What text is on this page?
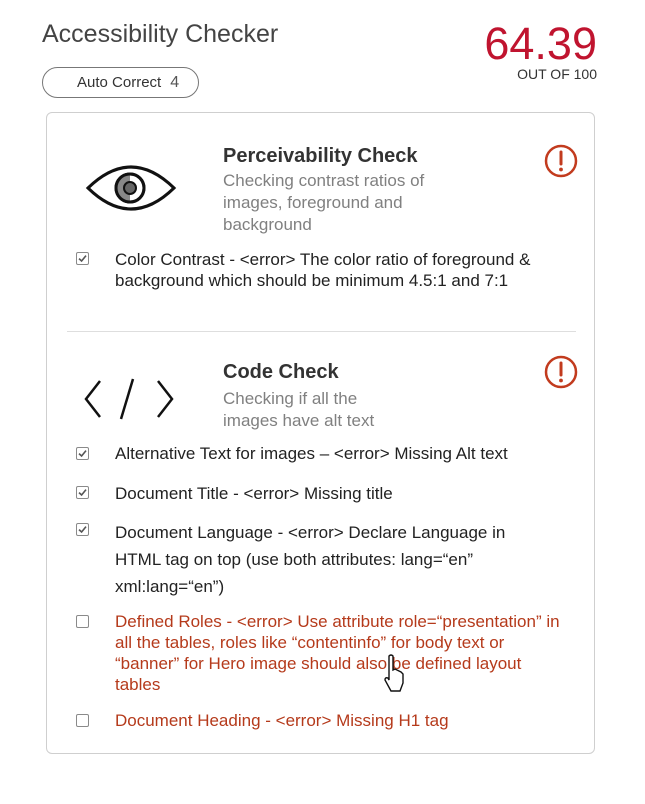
Accessibility Checker
Auto Correct 4
64.39
OUT OF 100
Perceivability Check
Checking contrast ratios of images, foreground and background
Color Contrast - <error> The color ratio of foreground & background which should be minimum 4.5:1 and 7:1
Code Check
Checking if all the images have alt text
Alternative Text for images – <error> Missing Alt text
Document Title - <error> Missing title
Document Language - <error> Declare Language in HTML tag on top (use both attributes: lang=“en” xml:lang=“en”)
Defined Roles - <error> Use attribute role=“presentation” in all the tables, roles like “contentinfo” for body text or “banner” for Hero image should also be defined layout tables
Document Heading - <error> Missing H1 tag
